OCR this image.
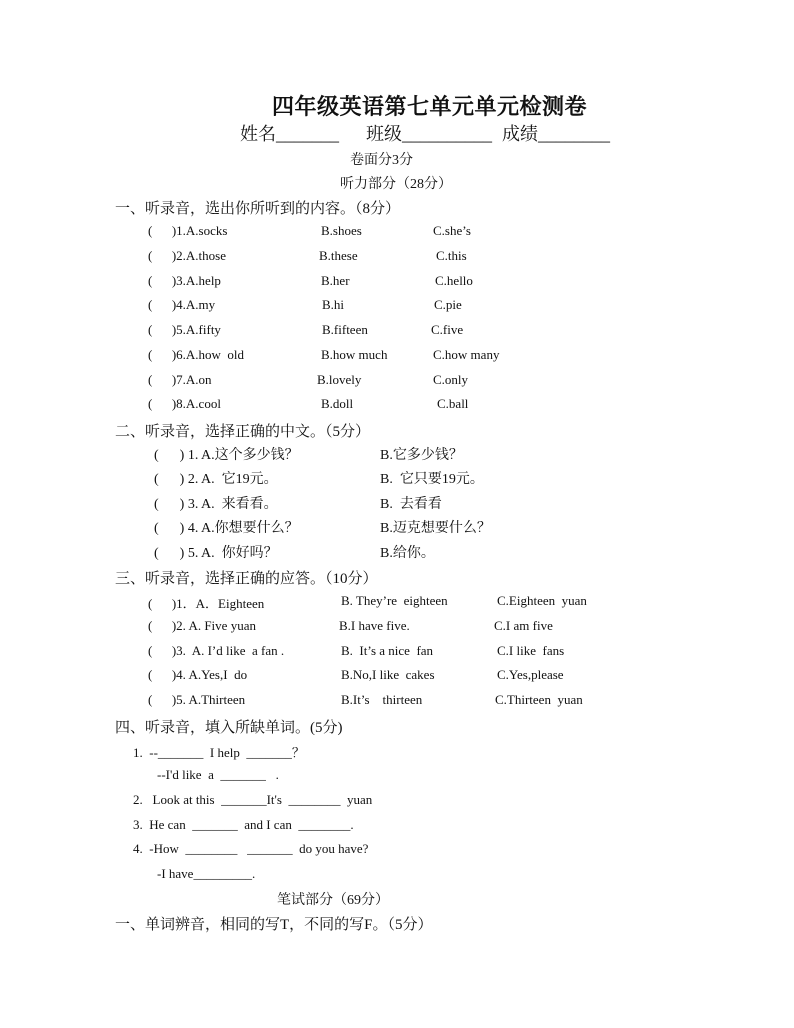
四年级英语第七单元单元检测卷
姓名_______ 班级__________ 成绩________
卷面分3分
听力部分（28分）
一、听录音，选出你所听到的内容。（8分）
(      )1.A.socks	B.shoes	C.she’s
(      )2.A.those	B.these	C.this
(      )3.A.help	B.her	C.hello
(      )4.A.my	B.hi	C.pie
(      )5.A.fifty	B.fifteen	C.five
(      )6.A.how  old	B.how much	C.how many
(      )7.A.on	B.lovely	C.only
(      )8.A.cool	B.doll	C.ball
二、听录音，选择正确的中文。（5分）
(      ) 1. A.这个多少钱？	B.它多少钱？
(      ) 2. A.  它19元。	B.  它只要19元。
(      ) 3. A.  来看看。	B.  去看看
(      ) 4. A.你想要什么？	B.迈克想要什么？
(      ) 5. A.  你好吗？	B.给你。
三、听录音，选择正确的应答。（10分）
(      )1．A．Eighteen	B. They’re  eighteen	C.Eighteen  yuan
(      )2. A. Five yuan	B.I have five.	C.I am five
(      )3.  A. I’d like  a fan .	B.  It’s a nice  fan	C.I like  fans
(      )4. A.Yes,I  do	B.No,I like  cakes	C.Yes,please
(      )5. A.Thirteen	B.It’s    thirteen	C.Thirteen  yuan
四、听录音，填入所缺单词。(5分)
1.  --_______  I help  _______？
--I'd like  a  _______   .
2.   Look at this  _______It's  ________  yuan
3.  He can  _______  and I can  ________.
4.  -How  ________   _______  do you have?
-I have_________.
笔试部分（69分）
一、单词辨音，相同的写T，不同的写F。（5分）
